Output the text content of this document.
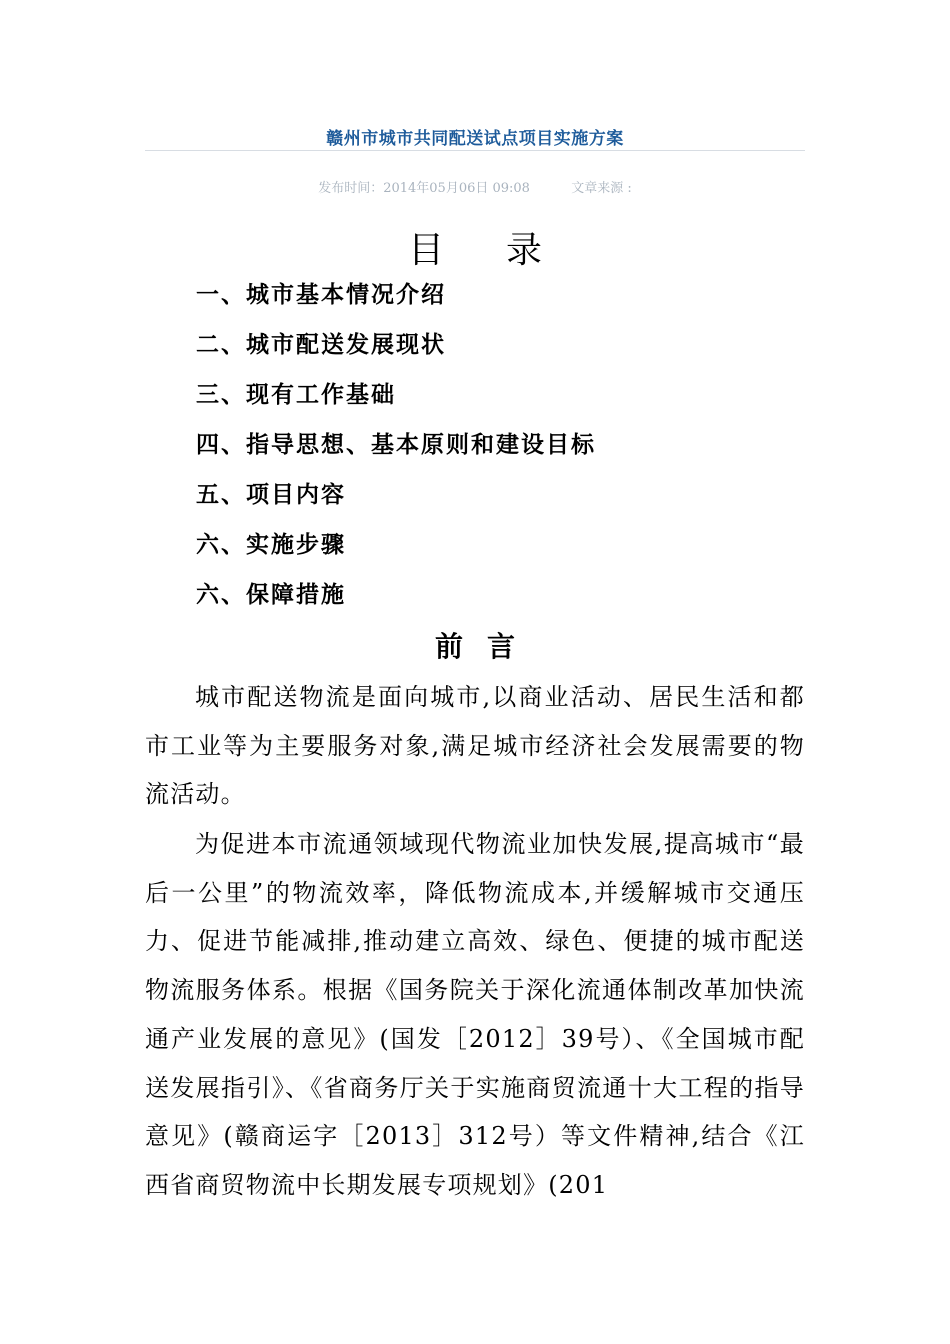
赣州市城市共同配送试点项目实施方案
发布时间：2014年05月06日 09:08	文章来源 :
目录
一、城市基本情况介绍
二、城市配送发展现状
三、现有工作基础
四、指导思想、基本原则和建设目标
五、项目内容
六、实施步骤
六、保障措施
前言

城市配送物流是面向城市,以商业活动、居民生活和都市工业等为主要服务对象,满足城市经济社会发展需要的物流活动。

为促进本市流通领域现代物流业加快发展,提高城市“最后一公里”的物流效率，降低物流成本,并缓解城市交通压力、促进节能减排,推动建立高效、绿色、便捷的城市配送物流服务体系。根据《国务院关于深化流通体制改革加快流通产业发展的意见》(国发［2012］39号）、《全国城市配送发展指引》、《省商务厅关于实施商贸流通十大工程的指导意见》(赣商运字［2013］312号）等文件精神,结合《江西省商贸物流中长期发展专项规划》(201
